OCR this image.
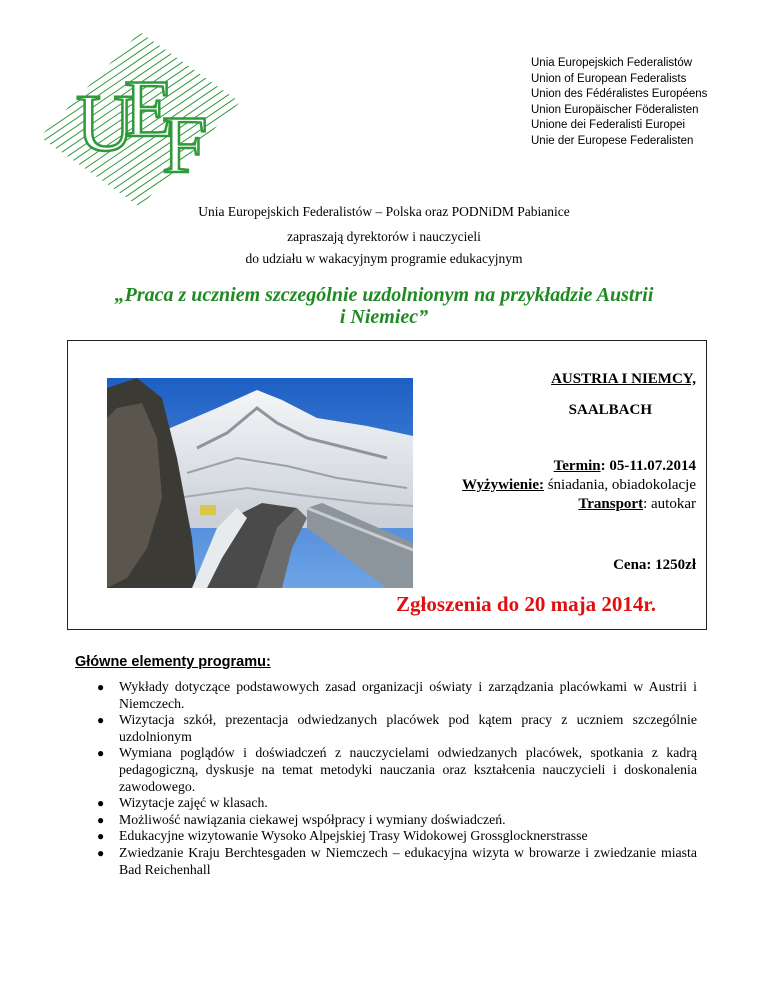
U
E
F
Unia Europejskich Federalistów
Union of European Federalists
Union des Fédéralistes Européens
Union Europäischer Föderalisten
Unione dei Federalisti Europei
Unie der Europese Federalisten
Unia Europejskich Federalistów – Polska oraz PODNiDM Pabianice
zapraszają dyrektorów i nauczycieli
do udziału w wakacyjnym programie edukacyjnym
„Praca z uczniem szczególnie uzdolnionym na przykładzie Austrii
i Niemiec”
AUSTRIA I NIEMCY,
SAALBACH
Termin: 05-11.07.2014
Wyżywienie: śniadania, obiadokolacje
Transport: autokar
Cena: 1250zł
Zgłoszenia do 20 maja 2014r.
Główne elementy programu:
● Wykłady dotyczące podstawowych zasad organizacji oświaty i zarządzania placówkami w Austrii i Niemczech.
● Wizytacja szkół, prezentacja odwiedzanych placówek pod kątem pracy z uczniem szczególnie uzdolnionym
● Wymiana poglądów i doświadczeń z nauczycielami odwiedzanych placówek, spotkania z kadrą pedagogiczną, dyskusje na temat metodyki nauczania oraz kształcenia nauczycieli i doskonalenia zawodowego.
● Wizytacje zajęć w klasach.
● Możliwość nawiązania ciekawej współpracy i wymiany doświadczeń.
● Edukacyjne wizytowanie Wysoko Alpejskiej Trasy Widokowej Grossglocknerstrasse
● Zwiedzanie Kraju Berchtesgaden w Niemczech – edukacyjna wizyta w browarze i zwiedzanie miasta Bad Reichenhall
